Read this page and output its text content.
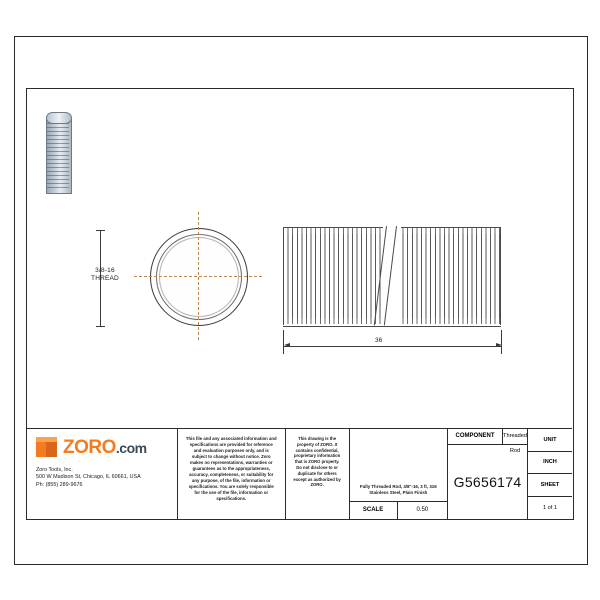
3/8-16
THREAD
36
ZORO.com
Zoro Tools, Inc.
500 W Madison St, Chicago, IL 60661, USA
Ph: (855) 289-9676
This file and any associated information and specifications are provided for reference and evaluation purposes only, and is subject to change without notice. Zoro makes no representations, warranties or guarantees as to the appropriateness, accuracy, completeness, or suitability for any purpose, of the file, information or specifications. You are solely responsible for the use of the file, information or specifications.
This drawing is the property of ZORO. It contains confidential, proprietary information that is ZORO property. Do not disclose to or duplicate for others except as authorized by ZORO.	Fully Threaded Rod, 3/8"-16, 3 ft, 316 Stainless Steel, Plain Finish
SCALE	0.50
COMPONENT	Threaded Rod
G5656174
UNIT
INCH
SHEET
1 of 1
